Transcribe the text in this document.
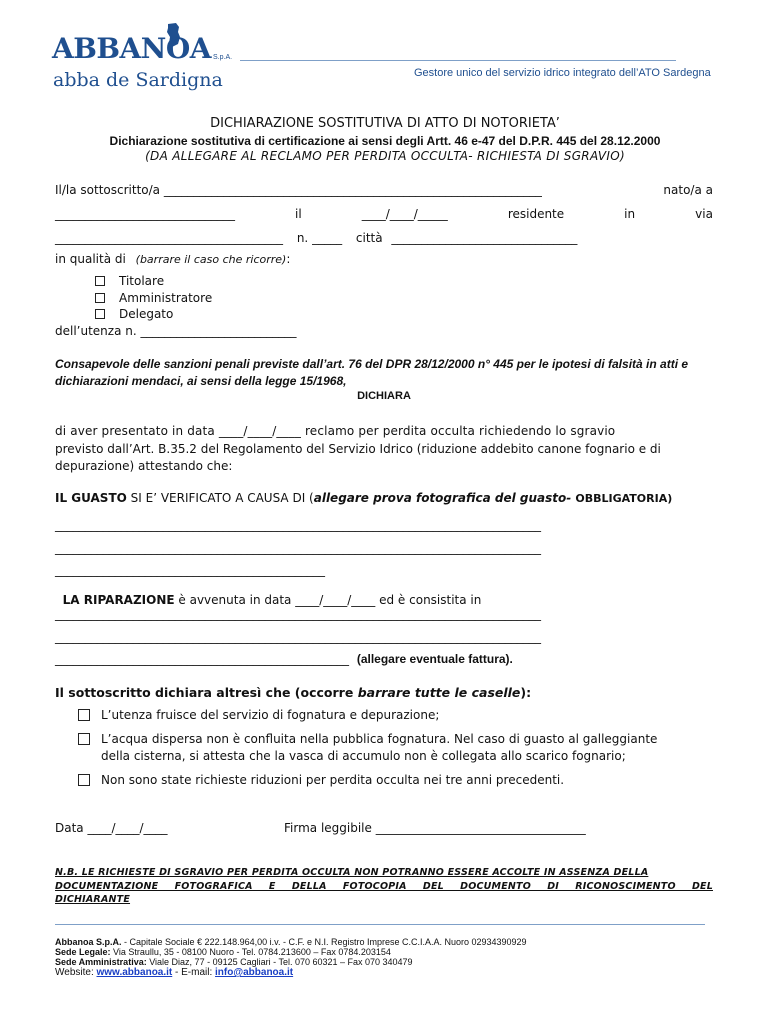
ABBANOA S.p.A.
abba de Sardigna	Gestore unico del servizio idrico integrato dell’ATO Sardegna
DICHIARAZIONE SOSTITUTIVA DI ATTO DI NOTORIETA’
Dichiarazione sostitutiva di certificazione ai sensi degli Artt. 46 e-47 del D.P.R. 445 del 28.12.2000
(DA ALLEGARE AL RECLAMO PER PERDITA OCCULTA- RICHIESTA DI SGRAVIO)
Il/la sottoscritto/a _______________________________________________________________	nato/a a
______________________________	il	____/____/_____	residente	in	via
______________________________________ n. _____ città _______________________________
in qualità di (barrare il caso che ricorre):
Titolare
Amministratore
Delegato
dell’utenza n. __________________________
Consapevole delle sanzioni penali previste dall’art. 76 del DPR 28/12/2000 n° 445 per le ipotesi di falsità in atti e
dichiarazioni mendaci, ai sensi della legge 15/1968,
DICHIARA
di aver presentato in data ____/____/____ reclamo per perdita occulta richiedendo lo sgravio
previsto dall’Art. B.35.2 del Regolamento del Servizio Idrico (riduzione addebito canone fognario e di
depurazione) attestando che:
IL GUASTO SI E’ VERIFICATO A CAUSA DI (allegare prova fotografica del guasto- OBBLIGATORIA)
_________________________________________________________________________________
_________________________________________________________________________________
_____________________________________________

LA RIPARAZIONE è avvenuta in data ____/____/____ ed è consistita in

_________________________________________________________________________________
_________________________________________________________________________________
_________________________________________________ (allegare eventuale fattura).
Il sottoscritto dichiara altresì che (occorre barrare tutte le caselle):
L’utenza fruisce del servizio di fognatura e depurazione;
L’acqua dispersa non è confluita nella pubblica fognatura. Nel caso di guasto al galleggiante
della cisterna, si attesta che la vasca di accumulo non è collegata allo scarico fognario;
Non sono state richieste riduzioni per perdita occulta nei tre anni precedenti.
Data ____/____/____	Firma leggibile ___________________________________
N.B. LE RICHIESTE DI SGRAVIO PER PERDITA OCCULTA NON POTRANNO ESSERE ACCOLTE IN ASSENZA DELLA
DOCUMENTAZIONE FOTOGRAFICA E DELLA FOTOCOPIA DEL DOCUMENTO DI RICONOSCIMENTO DEL
DICHIARANTE
Abbanoa S.p.A. - Capitale Sociale € 222.148.964,00 i.v. - C.F. e N.I. Registro Imprese C.C.I.A.A. Nuoro 02934390929
Sede Legale: Via Straullu, 35 - 08100 Nuoro - Tel. 0784.213600 – Fax 0784.203154
Sede Amministrativa: Viale Diaz, 77 - 09125 Cagliari - Tel. 070 60321 – Fax 070 340479
Website: www.abbanoa.it - E-mail: info@abbanoa.it
